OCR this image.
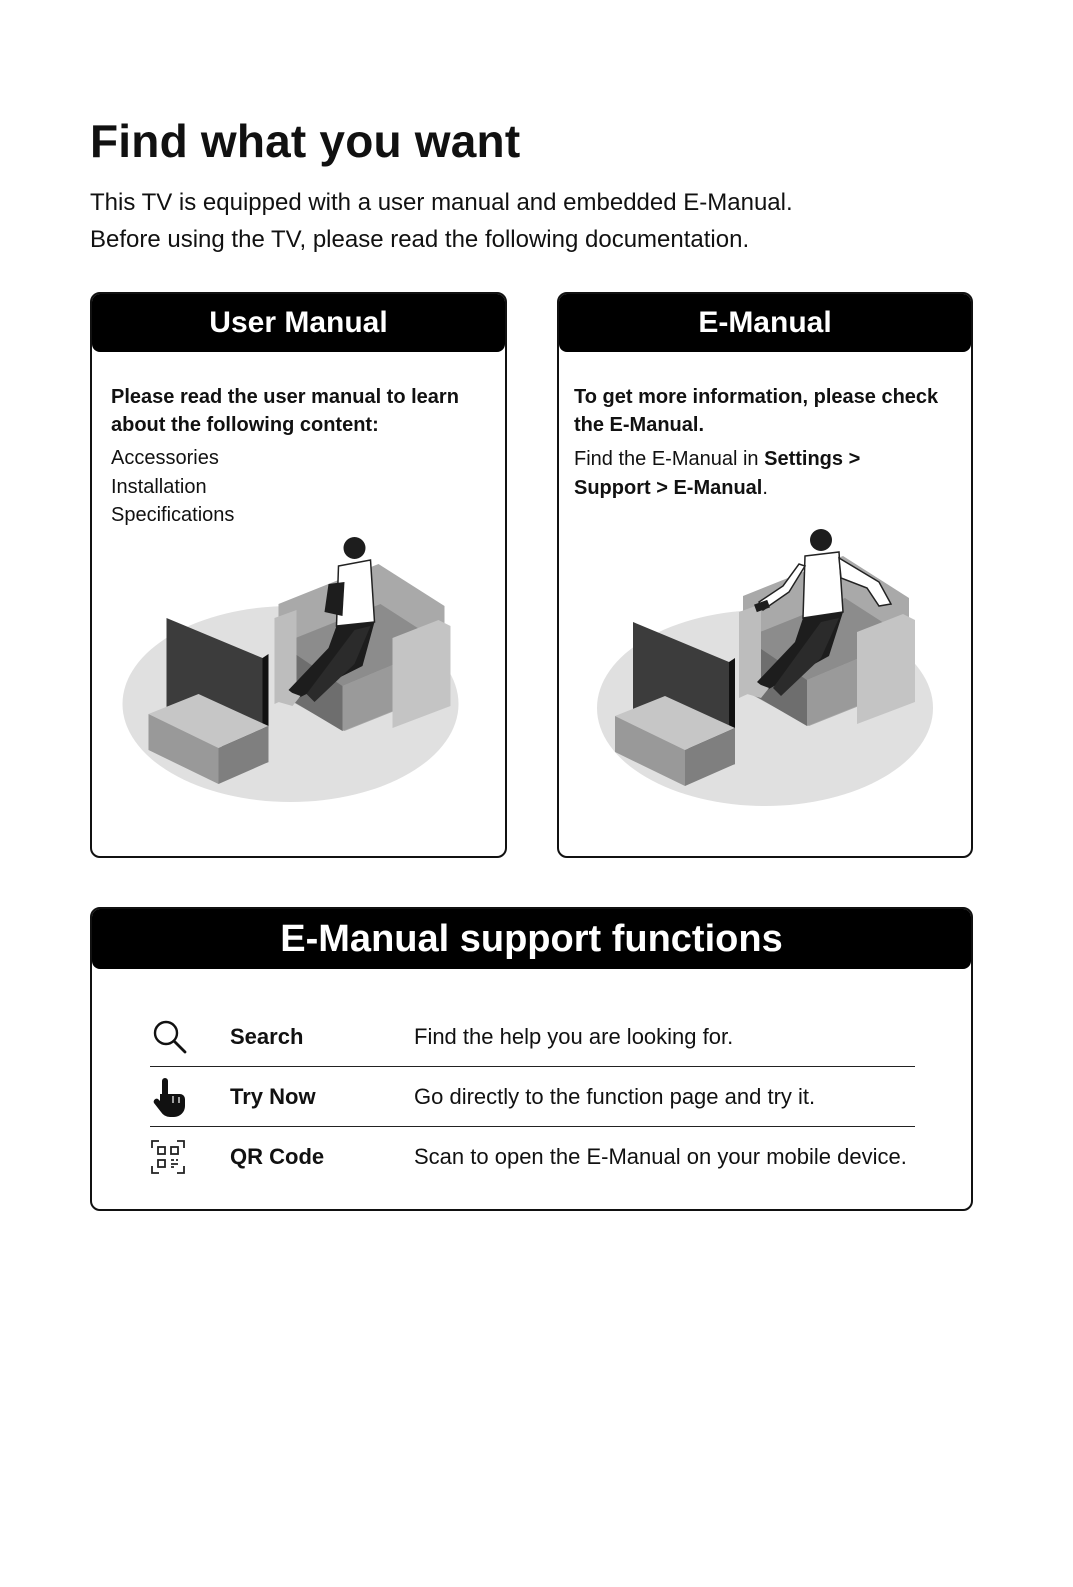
Find what you want
This TV is equipped with a user manual and embedded E-Manual.
Before using the TV, please read the following documentation.
User Manual
Please read the user manual to learn about the following content:
Accessories
Installation
Specifications
E-Manual
To get more information, please check the E-Manual.
Find the E-Manual in Settings > Support > E-Manual.
E-Manual support functions
Search	Find the help you are looking for.
Try Now	Go directly to the function page and try it.
QR Code	Scan to open the E-Manual on your mobile device.
